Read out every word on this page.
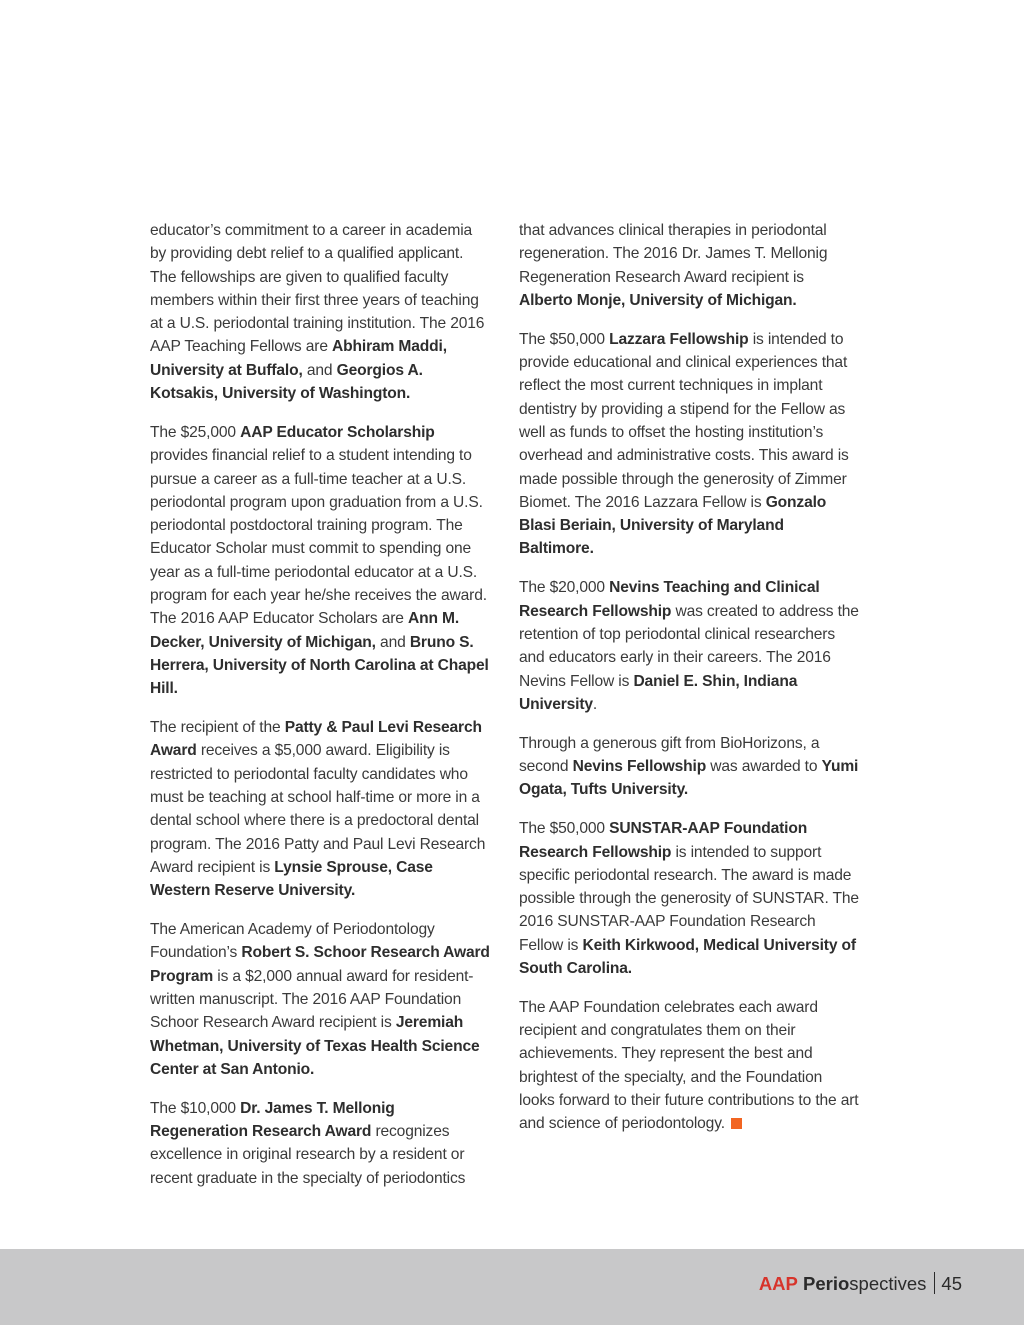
educator’s commitment to a career in academia by providing debt relief to a qualified applicant. The fellowships are given to qualified faculty members within their first three years of teaching at a U.S. periodontal training institution. The 2016 AAP Teaching Fellows are Abhiram Maddi, University at Buffalo, and Georgios A. Kotsakis, University of Washington.

The $25,000 AAP Educator Scholarship provides financial relief to a student intending to pursue a career as a full-time teacher at a U.S. periodontal program upon graduation from a U.S. periodontal postdoctoral training program. The Educator Scholar must commit to spending one year as a full-time periodontal educator at a U.S. program for each year he/she receives the award. The 2016 AAP Educator Scholars are Ann M. Decker, University of Michigan, and Bruno S. Herrera, University of North Carolina at Chapel Hill.

The recipient of the Patty & Paul Levi Research Award receives a $5,000 award. Eligibility is restricted to periodontal faculty candidates who must be teaching at school half-time or more in a dental school where there is a predoctoral dental program. The 2016 Patty and Paul Levi Research Award recipient is Lynsie Sprouse, Case Western Reserve University.

The American Academy of Periodontology Foundation’s Robert S. Schoor Research Award Program is a $2,000 annual award for resident-written manuscript. The 2016 AAP Foundation Schoor Research Award recipient is Jeremiah Whetman, University of Texas Health Science Center at San Antonio.

The $10,000 Dr. James T. Mellonig Regeneration Research Award recognizes excellence in original research by a resident or recent graduate in the specialty of periodontics

that advances clinical therapies in periodontal regeneration. The 2016 Dr. James T. Mellonig Regeneration Research Award recipient is Alberto Monje, University of Michigan.

The $50,000 Lazzara Fellowship is intended to provide educational and clinical experiences that reflect the most current techniques in implant dentistry by providing a stipend for the Fellow as well as funds to offset the hosting institution’s overhead and administrative costs. This award is made possible through the generosity of Zimmer Biomet. The 2016 Lazzara Fellow is Gonzalo Blasi Beriain, University of Maryland Baltimore.

The $20,000 Nevins Teaching and Clinical Research Fellowship was created to address the retention of top periodontal clinical researchers and educators early in their careers. The 2016 Nevins Fellow is Daniel E. Shin, Indiana University.

Through a generous gift from BioHorizons, a second Nevins Fellowship was awarded to Yumi Ogata, Tufts University.

The $50,000 SUNSTAR-AAP Foundation Research Fellowship is intended to support specific periodontal research. The award is made possible through the generosity of SUNSTAR. The 2016 SUNSTAR-AAP Foundation Research Fellow is Keith Kirkwood, Medical University of South Carolina.

The AAP Foundation celebrates each award recipient and congratulates them on their achievements. They represent the best and brightest of the specialty, and the Foundation looks forward to their future contributions to the art and science of periodontology.

AAP Periospectives 45
